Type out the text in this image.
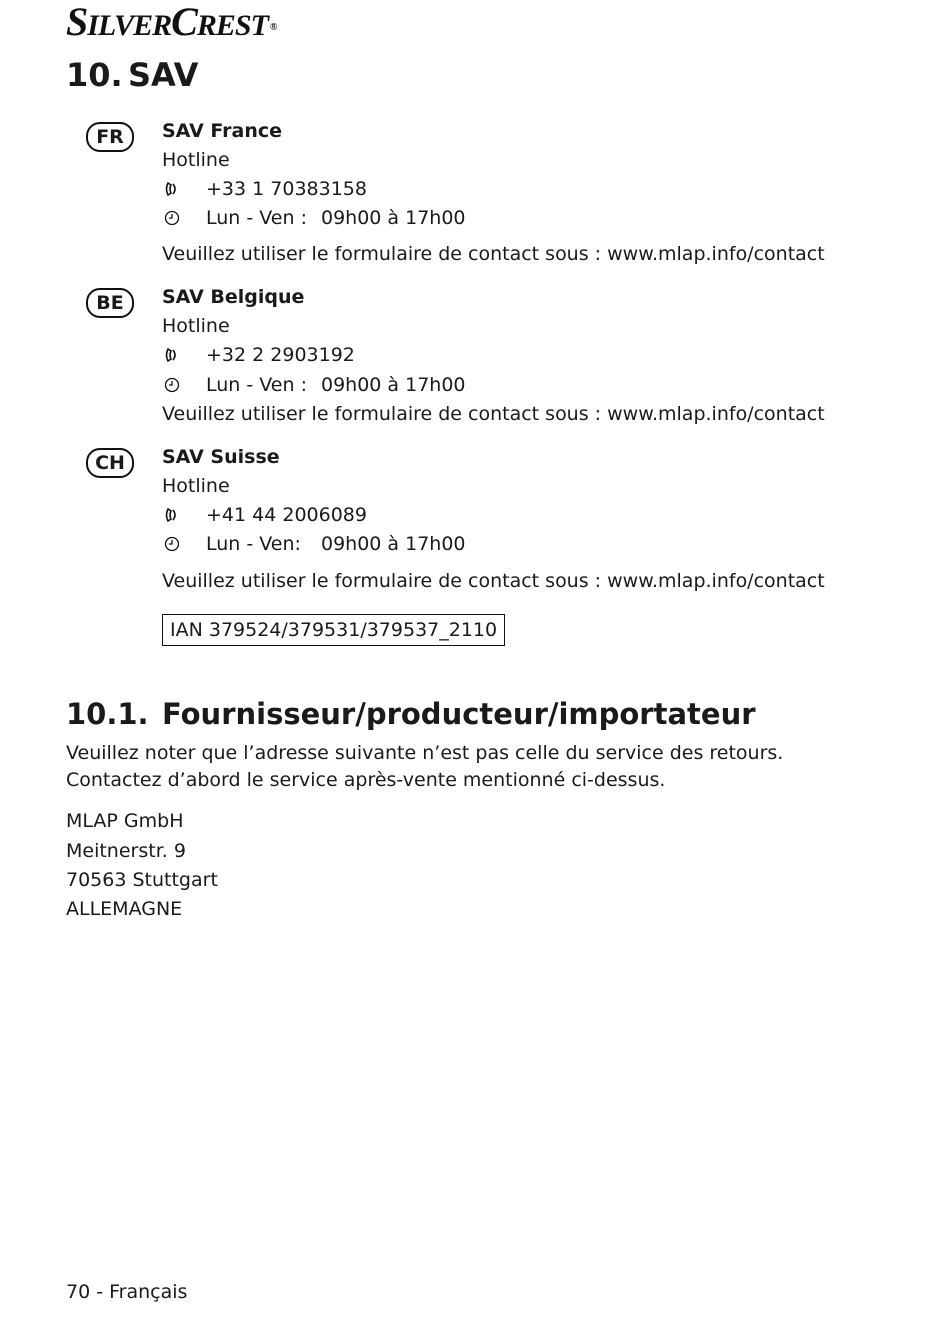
SILVERCREST ®
10. SAV
FR	SAV France
Hotline
+33 1 70383158
Lun - Ven : 09h00 à 17h00
Veuillez utiliser le formulaire de contact sous : www.mlap.info/contact
BE	SAV Belgique
Hotline
+32 2 2903192
Lun - Ven : 09h00 à 17h00
Veuillez utiliser le formulaire de contact sous : www.mlap.info/contact
CH	SAV Suisse
Hotline
+41 44 2006089
Lun - Ven: 09h00 à 17h00
Veuillez utiliser le formulaire de contact sous : www.mlap.info/contact
IAN 379524/379531/379537_2110
10.1. Fournisseur/producteur/importateur
Veuillez noter que l’adresse suivante n’est pas celle du service des retours. Contactez d’abord le service après-vente mentionné ci-dessus.
MLAP GmbH
Meitnerstr. 9
70563 Stuttgart
ALLEMAGNE
70 - Français
